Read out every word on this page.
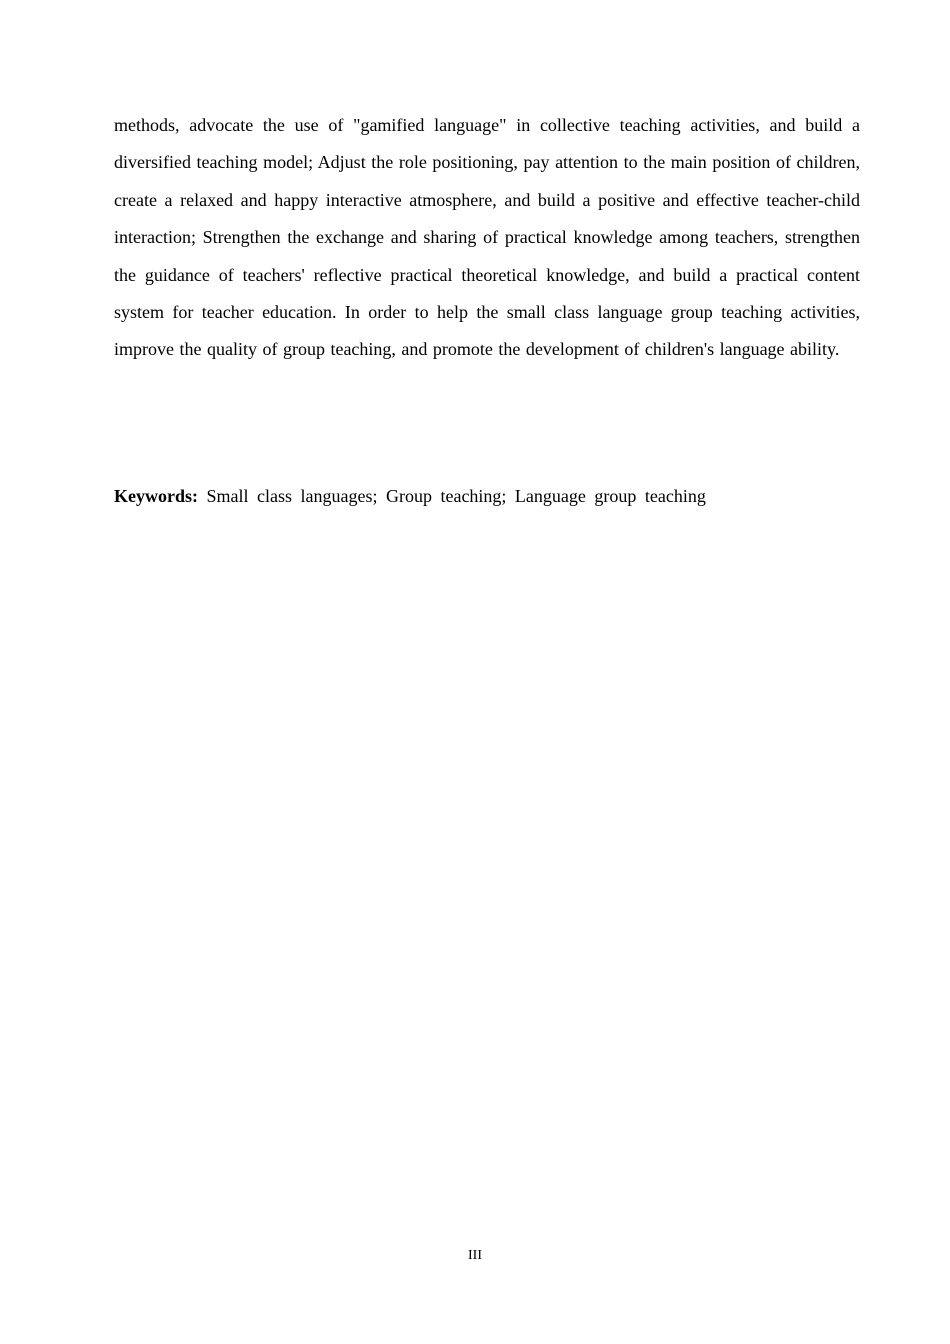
methods, advocate the use of "gamified language" in collective teaching activities, and build a diversified teaching model; Adjust the role positioning, pay attention to the main position of children, create a relaxed and happy interactive atmosphere, and build a positive and effective teacher-child interaction; Strengthen the exchange and sharing of practical knowledge among teachers, strengthen the guidance of teachers' reflective practical theoretical knowledge, and build a practical content system for teacher education. In order to help the small class language group teaching activities, improve the quality of group teaching, and promote the development of children's language ability.

Keywords: Small class languages; Group teaching; Language group teaching

III
